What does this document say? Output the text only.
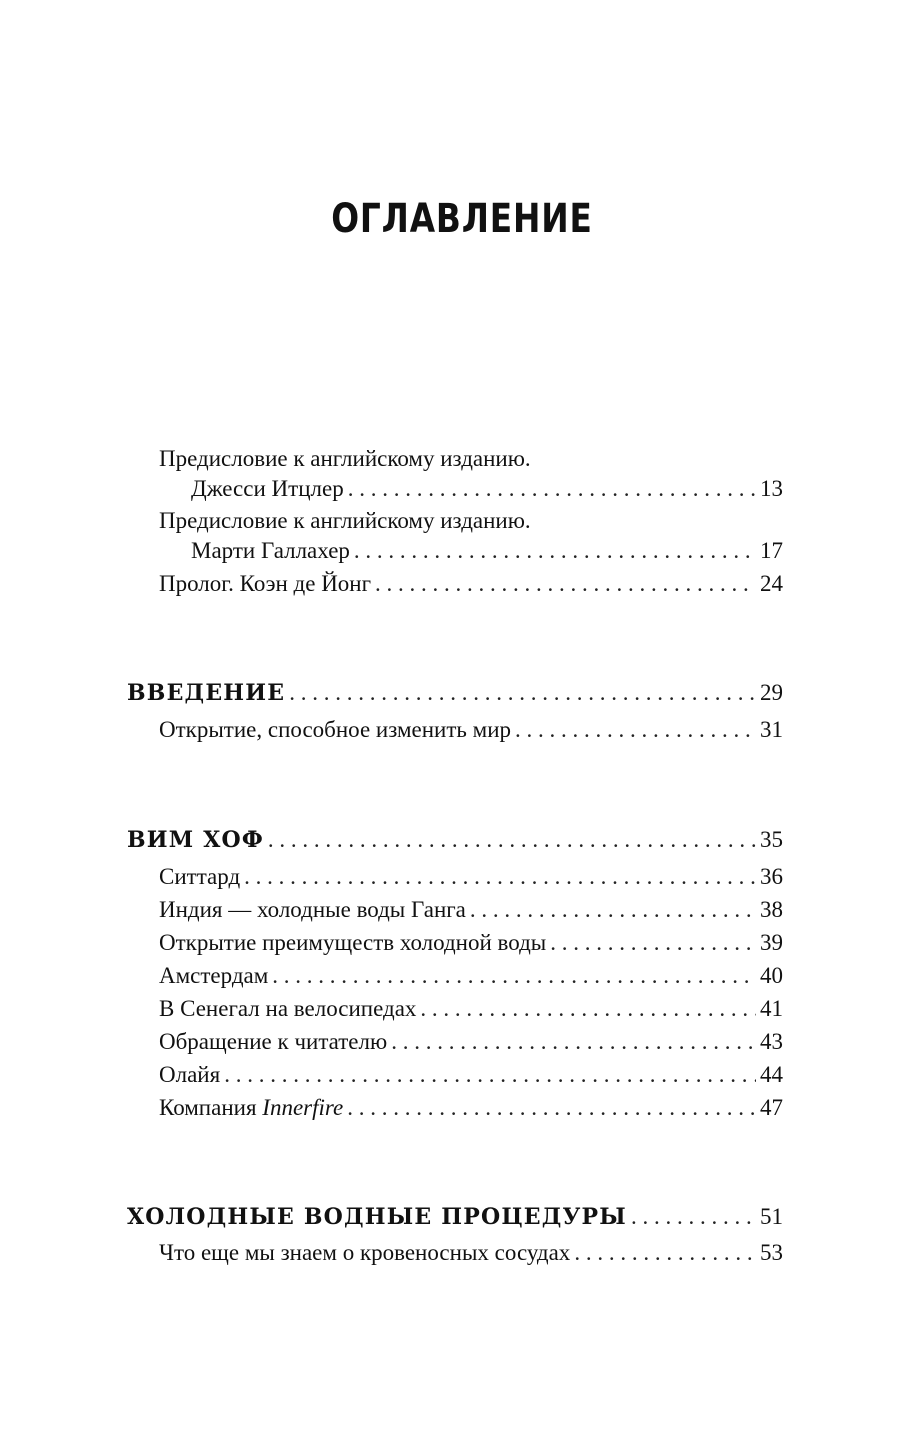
ОГЛАВЛЕНИЕ
Предисловие к английскому изданию.
Джесси Итцлер . . .	13
Предисловие к английскому изданию.
Марти Галлахер . . .	17
Пролог. Коэн де Йонг . . .	24
ВВЕДЕНИЕ . . .	29
Открытие, способное изменить мир . . .	31
ВИМ ХОФ . . .	35
Ситтард . . .	36
Индия — холодные воды Ганга . . .	38
Открытие преимуществ холодной воды . . .	39
Амстердам . . .	40
В Сенегал на велосипедах . . .	41
Обращение к читателю . . .	43
Олайя . . .	44
Компания Innerfire . . .	47
ХОЛОДНЫЕ ВОДНЫЕ ПРОЦЕДУРЫ . . .	51
Что еще мы знаем о кровеносных сосудах . . .	53
